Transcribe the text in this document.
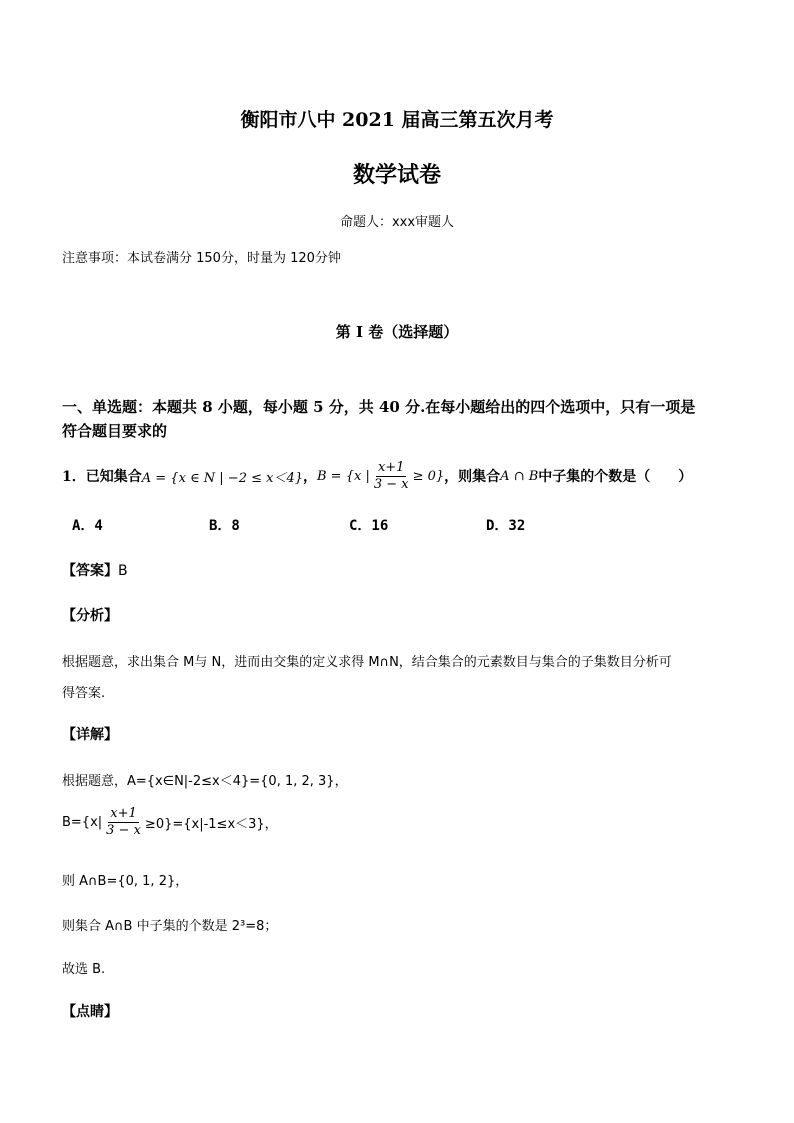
衡阳市八中 2021 届高三第五次月考
数学试卷
命题人：xxx审题人
注意事项：本试卷满分 150分，时量为 120分钟
第 I 卷（选择题）
一、单选题：本题共 8 小题，每小题 5 分，共 40 分.在每小题给出的四个选项中，只有一项是
符合题目要求的
1．已知集合 A = {x ∈ N | −2 ≤ x＜4} ， B = {x | $\frac{x+1}{3 - x} \ge 0$} ，则集合 A ∩ B 中子集的个数是（　　）
A．4	B．8	C．16	D．32
【答案】B
【分析】
根据题意，求出集合 M与 N，进而由交集的定义求得 M∩N，结合集合的元素数目与集合的子集数目分析可
得答案.
【详解】
根据题意，A={x∈N|-2≤x＜4}={0, 1, 2, 3}，
$B=\{x| \frac{x+1}{3 - x} \ge 0\}=\{x|-1\le x<3\}$，
则 A∩B={0, 1, 2}，
则集合 A∩B 中子集的个数是 2³=8；
故选 B.
【点睛】
